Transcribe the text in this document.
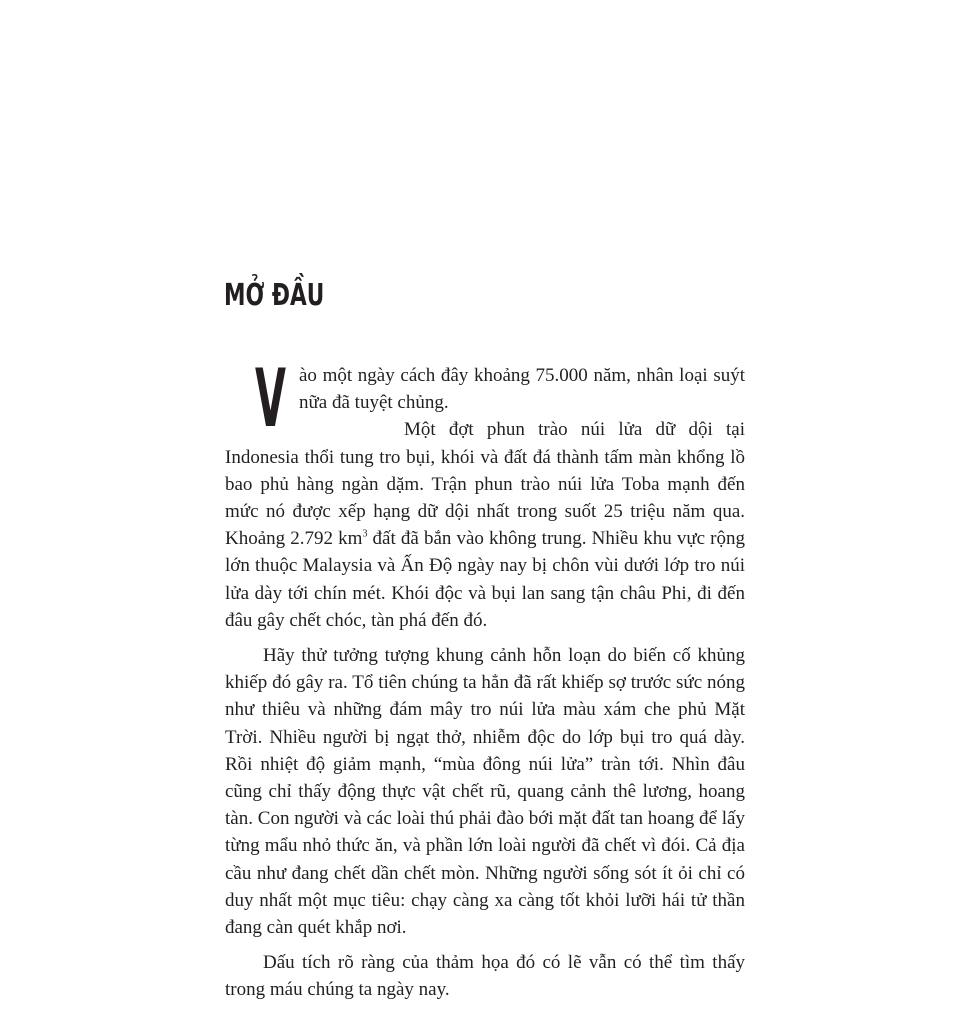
MỞ ĐẦU

Vào một ngày cách đây khoảng 75.000 năm, nhân loại suýt nữa đã tuyệt chủng.

Một đợt phun trào núi lửa dữ dội tại Indonesia thổi tung tro bụi, khói và đất đá thành tấm màn khổng lồ bao phủ hàng ngàn dặm. Trận phun trào núi lửa Toba mạnh đến mức nó được xếp hạng dữ dội nhất trong suốt 25 triệu năm qua. Khoảng 2.792 $km^3$ đất đã bắn vào không trung. Nhiều khu vực rộng lớn thuộc Malaysia và Ấn Độ ngày nay bị chôn vùi dưới lớp tro núi lửa dày tới chín mét. Khói độc và bụi lan sang tận châu Phi, đi đến đâu gây chết chóc, tàn phá đến đó.

Hãy thử tưởng tượng khung cảnh hỗn loạn do biến cố khủng khiếp đó gây ra. Tổ tiên chúng ta hẳn đã rất khiếp sợ trước sức nóng như thiêu và những đám mây tro núi lửa màu xám che phủ Mặt Trời. Nhiều người bị ngạt thở, nhiễm độc do lớp bụi tro quá dày. Rồi nhiệt độ giảm mạnh, “mùa đông núi lửa” tràn tới. Nhìn đâu cũng chỉ thấy động thực vật chết rũ, quang cảnh thê lương, hoang tàn. Con người và các loài thú phải đào bới mặt đất tan hoang để lấy từng mẩu nhỏ thức ăn, và phần lớn loài người đã chết vì đói. Cả địa cầu như đang chết dần chết mòn. Những người sống sót ít ỏi chỉ có duy nhất một mục tiêu: chạy càng xa càng tốt khỏi lưỡi hái tử thần đang càn quét khắp nơi.

Dấu tích rõ ràng của thảm họa đó có lẽ vẫn có thể tìm thấy trong máu chúng ta ngày nay.
